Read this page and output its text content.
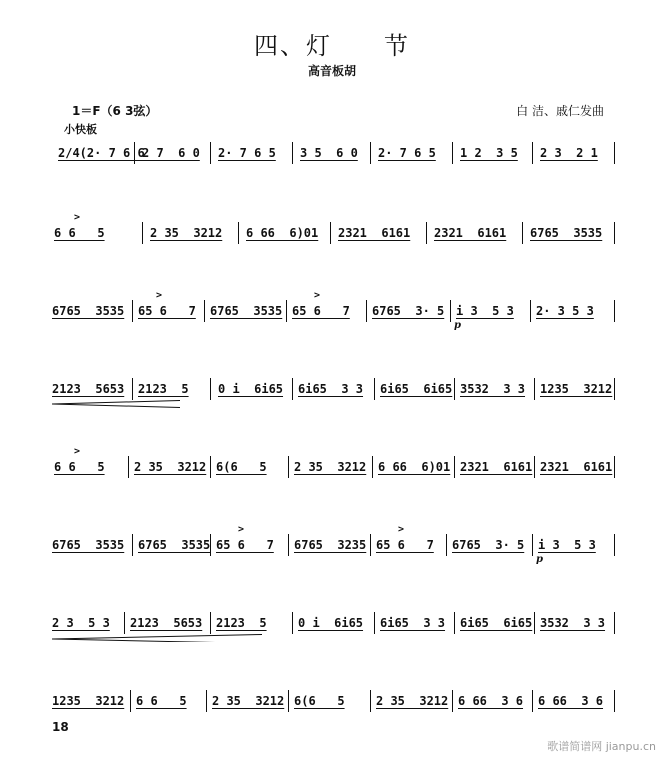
四、灯　　节
高音板胡
1＝F（6 3弦）
小快板
白 洁、戚仁发曲
2/4(2· 7 6 6
2 7  6 0 2· 7 6 5 3 5  6 0 2· 7 6 5 1 2  3 5 2 3  2 1
>
6 6   5	2 35  3212 6 66  6)01 2321  6161 2321  6161 6765  3535
6765  3535
>
65 6   7 6765  3535
>
65 6   7 6765  3· 5 i 3  5 3
p
2· 3 5 3
2123  5653 2123  5 0 i  6i65 6i65  3 3 6i65  6i65 3532  3 3 1235  3212
>
6 6   5 2 35  3212 6(6   5 2 35  3212 6 66  6)01 2321  6161 2321  6161
6765  3535 6765  3535
>
65 6   7 6765  3235
>
65 6   7 6765  3· 5 i 3  5 3
p
2 3  5 3 2123  5653 2123  5	0 i  6i65 6i65  3 3 6i65  6i65 3532  3 3
1235  3212 6 6   5 2 35  3212 6(6   5	2 35  3212 6 66  3 6 6 66  3 6
18
歌谱简谱网 jianpu.cn
